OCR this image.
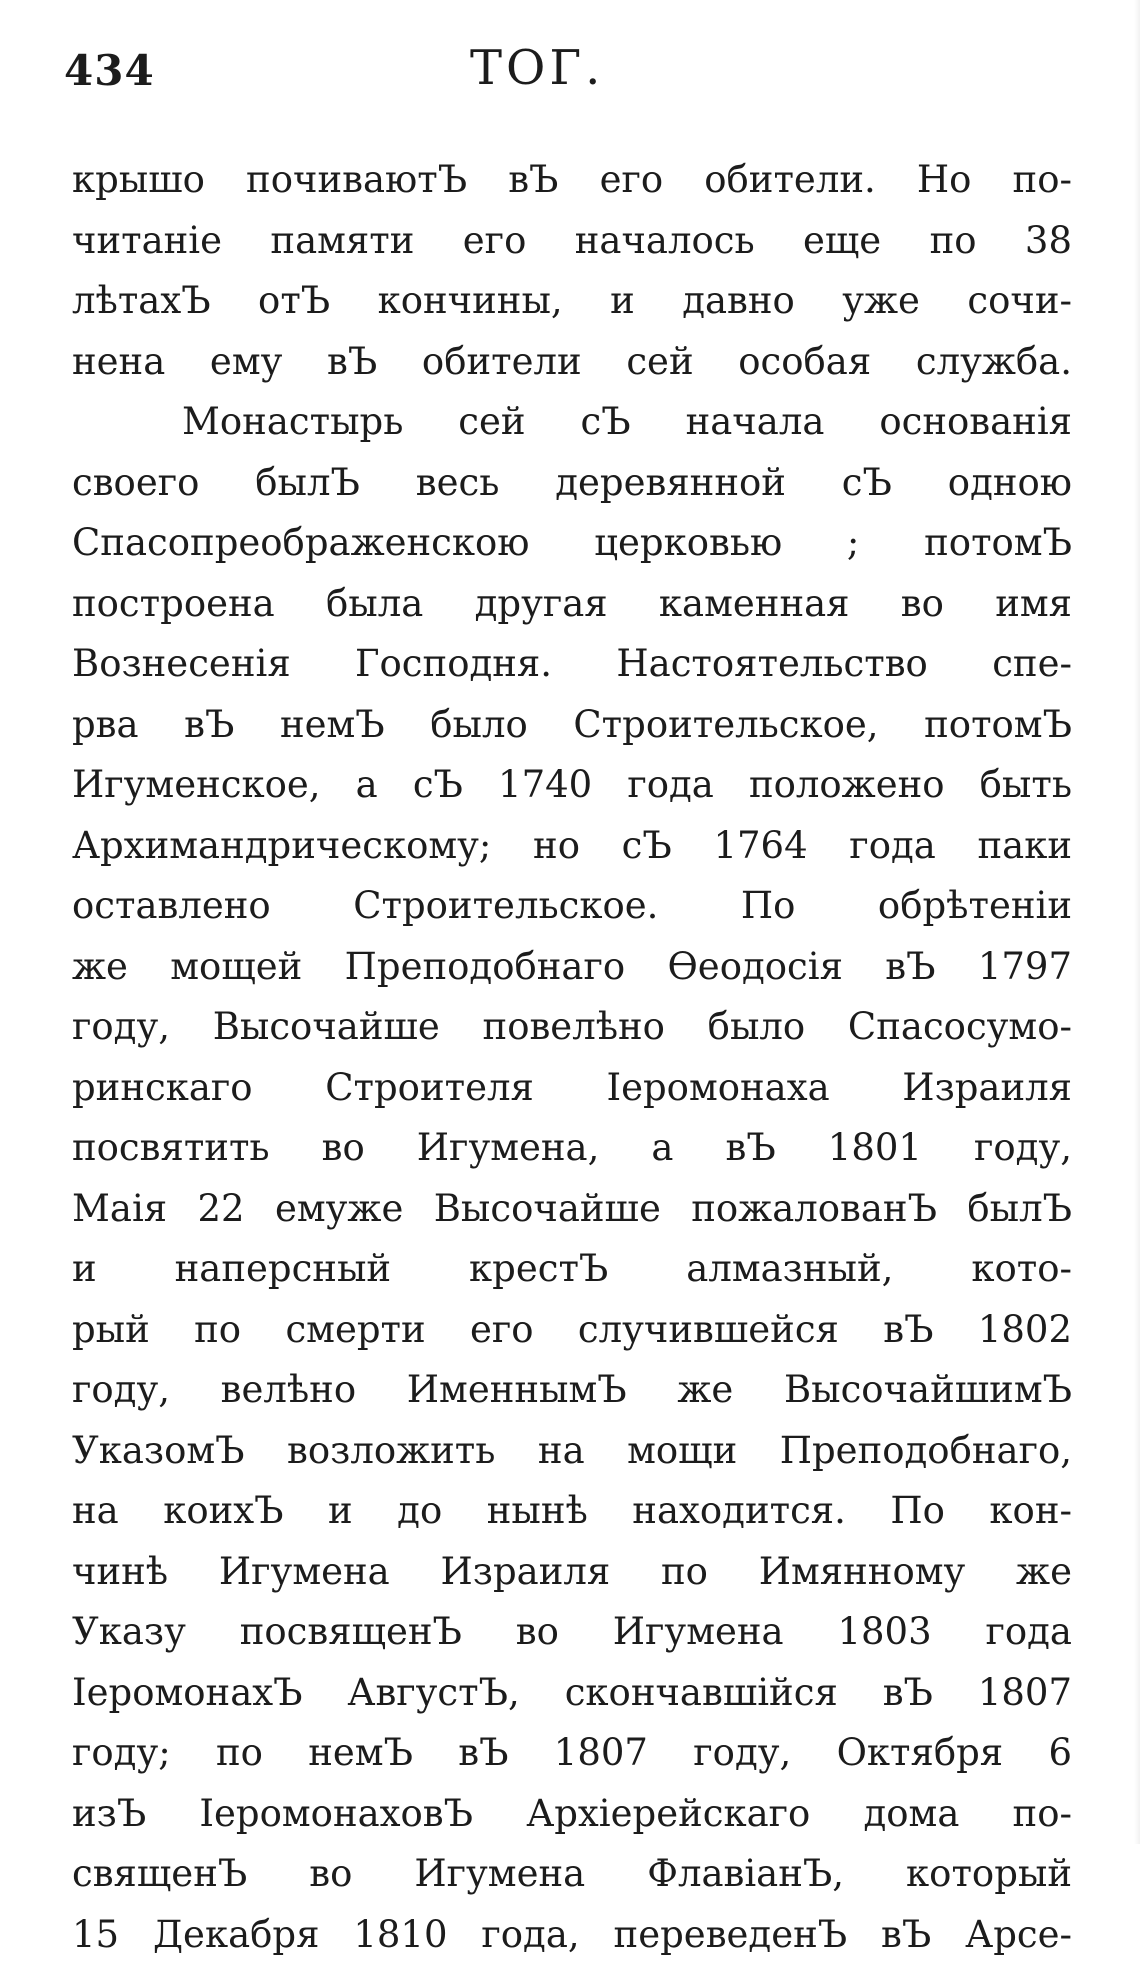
434	ТОГ.
крышо почиваютЪ вЪ его обители. Но по-
читаніе памяти его началось еще по 38
лѣтахЪ отЪ кончины, и давно уже сочи-
нена ему вЪ обители сей особая служба.
Монастырь сей сЪ начала основанія
своего былЪ весь деревянной сЪ одною
Спасопреображенскою церковью ; потомЪ
построена была другая каменная во имя
Вознесенія Господня. Настоятельство спе-
рва вЪ немЪ было Строительское, потомЪ
Игуменское, а сЪ 1740 года положено быть
Архимандрическому; но сЪ 1764 года паки
оставлено Строительское. По обрѣтеніи
же мощей Преподобнаго Өеодосія вЪ 1797
году, Высочайше повелѣно было Спасосумо-
ринскаго Строителя Іеромонаха Израиля
посвятить во Игумена, а вЪ 1801 году,
Маія 22 емуже Высочайше пожалованЪ былЪ
и наперсный крестЪ алмазный, кото-
рый по смерти его случившейся вЪ 1802
году, велѣно ИменнымЪ же ВысочайшимЪ
УказомЪ возложить на мощи Преподобнаго,
на коихЪ и до нынѣ находится. По кон-
чинѣ Игумена Израиля по Имянному же
Указу посвященЪ во Игумена 1803 года
ІеромонахЪ АвгустЪ, скончавшійся вЪ 1807
году; по немЪ вЪ 1807 году, Октября 6
изЪ ІеромонаховЪ Архіерейскаго дома по-
священЪ во Игумена ФлавіанЪ, который
15 Декабря 1810 года, переведенЪ вЪ Арсе-
